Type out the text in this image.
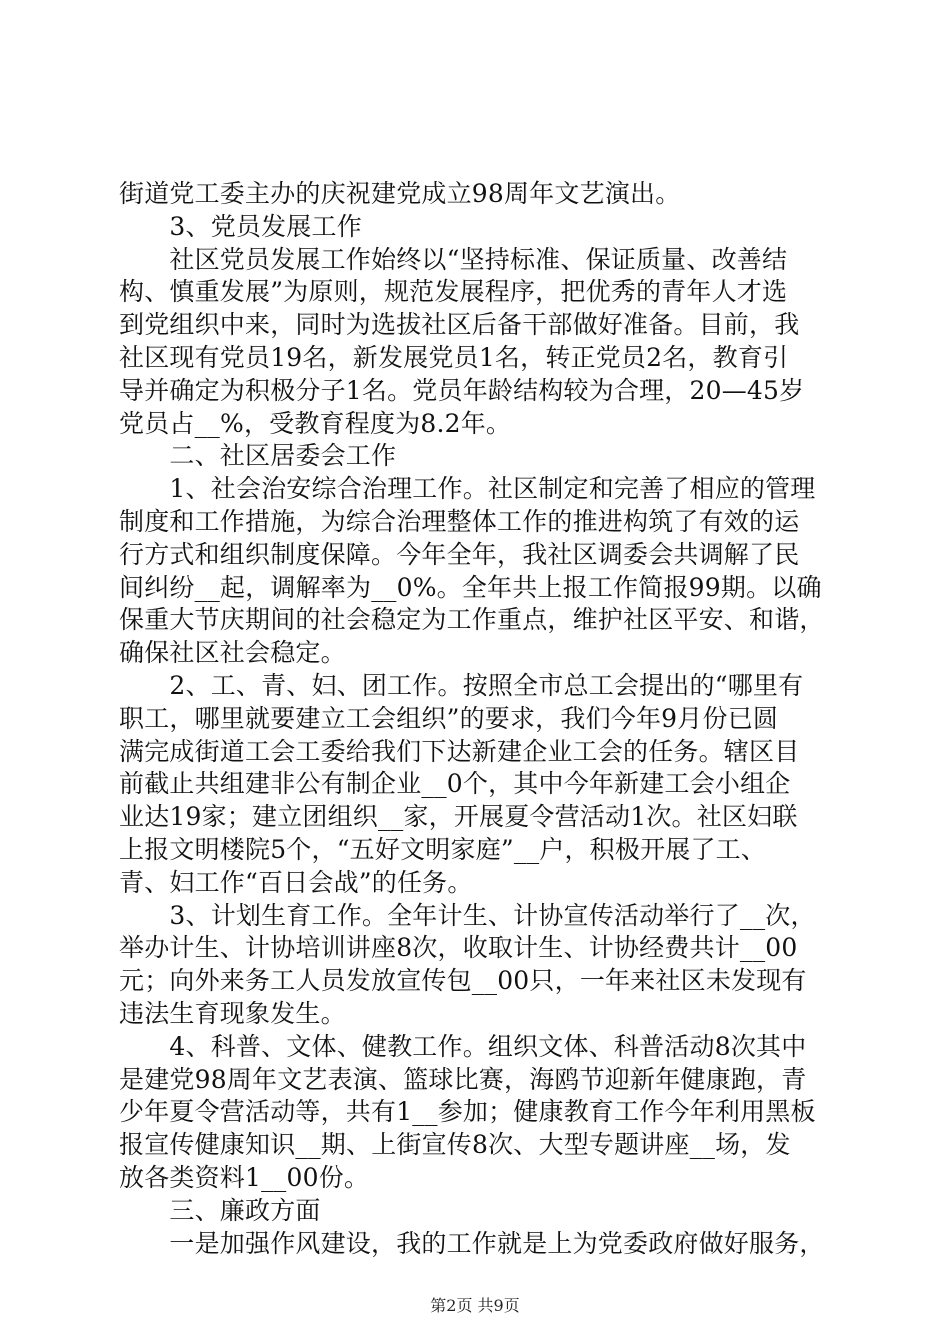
街道党工委主办的庆祝建党成立98周年文艺演出。
　　3、党员发展工作
　　社区党员发展工作始终以“坚持标准、保证质量、改善结
构、慎重发展”为原则，规范发展程序，把优秀的青年人才选
到党组织中来，同时为选拔社区后备干部做好准备。目前，我
社区现有党员19名，新发展党员1名，转正党员2名，教育引
导并确定为积极分子1名。党员年龄结构较为合理，20—45岁
党员占__%，受教育程度为8.2年。
　　二、社区居委会工作
　　1、社会治安综合治理工作。社区制定和完善了相应的管理
制度和工作措施，为综合治理整体工作的推进构筑了有效的运
行方式和组织制度保障。今年全年，我社区调委会共调解了民
间纠纷__起，调解率为__0%。全年共上报工作简报99期。以确
保重大节庆期间的社会稳定为工作重点，维护社区平安、和谐，
确保社区社会稳定。
　　2、工、青、妇、团工作。按照全市总工会提出的“哪里有
职工，哪里就要建立工会组织”的要求，我们今年9月份已圆
满完成街道工会工委给我们下达新建企业工会的任务。辖区目
前截止共组建非公有制企业__0个，其中今年新建工会小组企
业达19家；建立团组织__家，开展夏令营活动1次。社区妇联
上报文明楼院5个，“五好文明家庭”__户，积极开展了工、
青、妇工作“百日会战”的任务。
　　3、计划生育工作。全年计生、计协宣传活动举行了__次，
举办计生、计协培训讲座8次，收取计生、计协经费共计__00
元；向外来务工人员发放宣传包__00只，一年来社区未发现有
违法生育现象发生。
　　4、科普、文体、健教工作。组织文体、科普活动8次其中
是建党98周年文艺表演、篮球比赛，海鸥节迎新年健康跑，青
少年夏令营活动等，共有1__参加；健康教育工作今年利用黑板
报宣传健康知识__期、上街宣传8次、大型专题讲座__场，发
放各类资料1__00份。
　　三、廉政方面
　　一是加强作风建设，我的工作就是上为党委政府做好服务，
第2页 共9页
